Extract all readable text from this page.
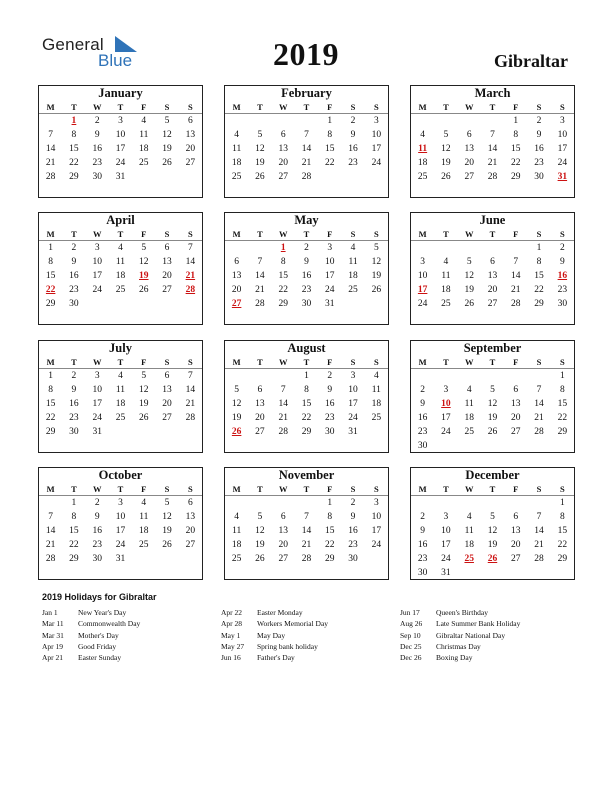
General
Blue	2019	Gibraltar
January
M	T	W	T	F	S	S
	1	2	3	4	5	6
7	8	9	10	11	12	13
14	15	16	17	18	19	20
21	22	23	24	25	26	27
28	29	30	31			
February
M	T	W	T	F	S	S
				1	2	3
4	5	6	7	8	9	10
11	12	13	14	15	16	17
18	19	20	21	22	23	24
25	26	27	28			
March
M	T	W	T	F	S	S
				1	2	3
4	5	6	7	8	9	10
11	12	13	14	15	16	17
18	19	20	21	22	23	24
25	26	27	28	29	30	31
April
M	T	W	T	F	S	S
1	2	3	4	5	6	7
8	9	10	11	12	13	14
15	16	17	18	19	20	21
22	23	24	25	26	27	28
29	30					
May
M	T	W	T	F	S	S
		1	2	3	4	5
6	7	8	9	10	11	12
13	14	15	16	17	18	19
20	21	22	23	24	25	26
27	28	29	30	31		
June
M	T	W	T	F	S	S
					1	2
3	4	5	6	7	8	9
10	11	12	13	14	15	16
17	18	19	20	21	22	23
24	25	26	27	28	29	30
July
M	T	W	T	F	S	S
1	2	3	4	5	6	7
8	9	10	11	12	13	14
15	16	17	18	19	20	21
22	23	24	25	26	27	28
29	30	31				
August
M	T	W	T	F	S	S
			1	2	3	4
5	6	7	8	9	10	11
12	13	14	15	16	17	18
19	20	21	22	23	24	25
26	27	28	29	30	31	
September
M	T	W	T	F	S	S
						1
2	3	4	5	6	7	8
9	10	11	12	13	14	15
16	17	18	19	20	21	22
23	24	25	26	27	28	29
30						
October
M	T	W	T	F	S	S
	1	2	3	4	5	6
7	8	9	10	11	12	13
14	15	16	17	18	19	20
21	22	23	24	25	26	27
28	29	30	31			
November
M	T	W	T	F	S	S
				1	2	3
4	5	6	7	8	9	10
11	12	13	14	15	16	17
18	19	20	21	22	23	24
25	26	27	28	29	30	
December
M	T	W	T	F	S	S
						1
2	3	4	5	6	7	8
9	10	11	12	13	14	15
16	17	18	19	20	21	22
23	24	25	26	27	28	29
30	31					
2019 Holidays for Gibraltar
Jan 1	New Year's Day
Mar 11 Commonwealth Day
Mar 31 Mother's Day
Apr 19 Good Friday
Apr 21 Easter Sunday
Apr 22 Easter Monday
Apr 28 Workers Memorial Day
May 1 May Day
May 27 Spring bank holiday
Jun 16 Father's Day
Jun 17 Queen's Birthday
Aug 26 Late Summer Bank Holiday
Sep 10 Gibraltar National Day
Dec 25 Christmas Day
Dec 26 Boxing Day
